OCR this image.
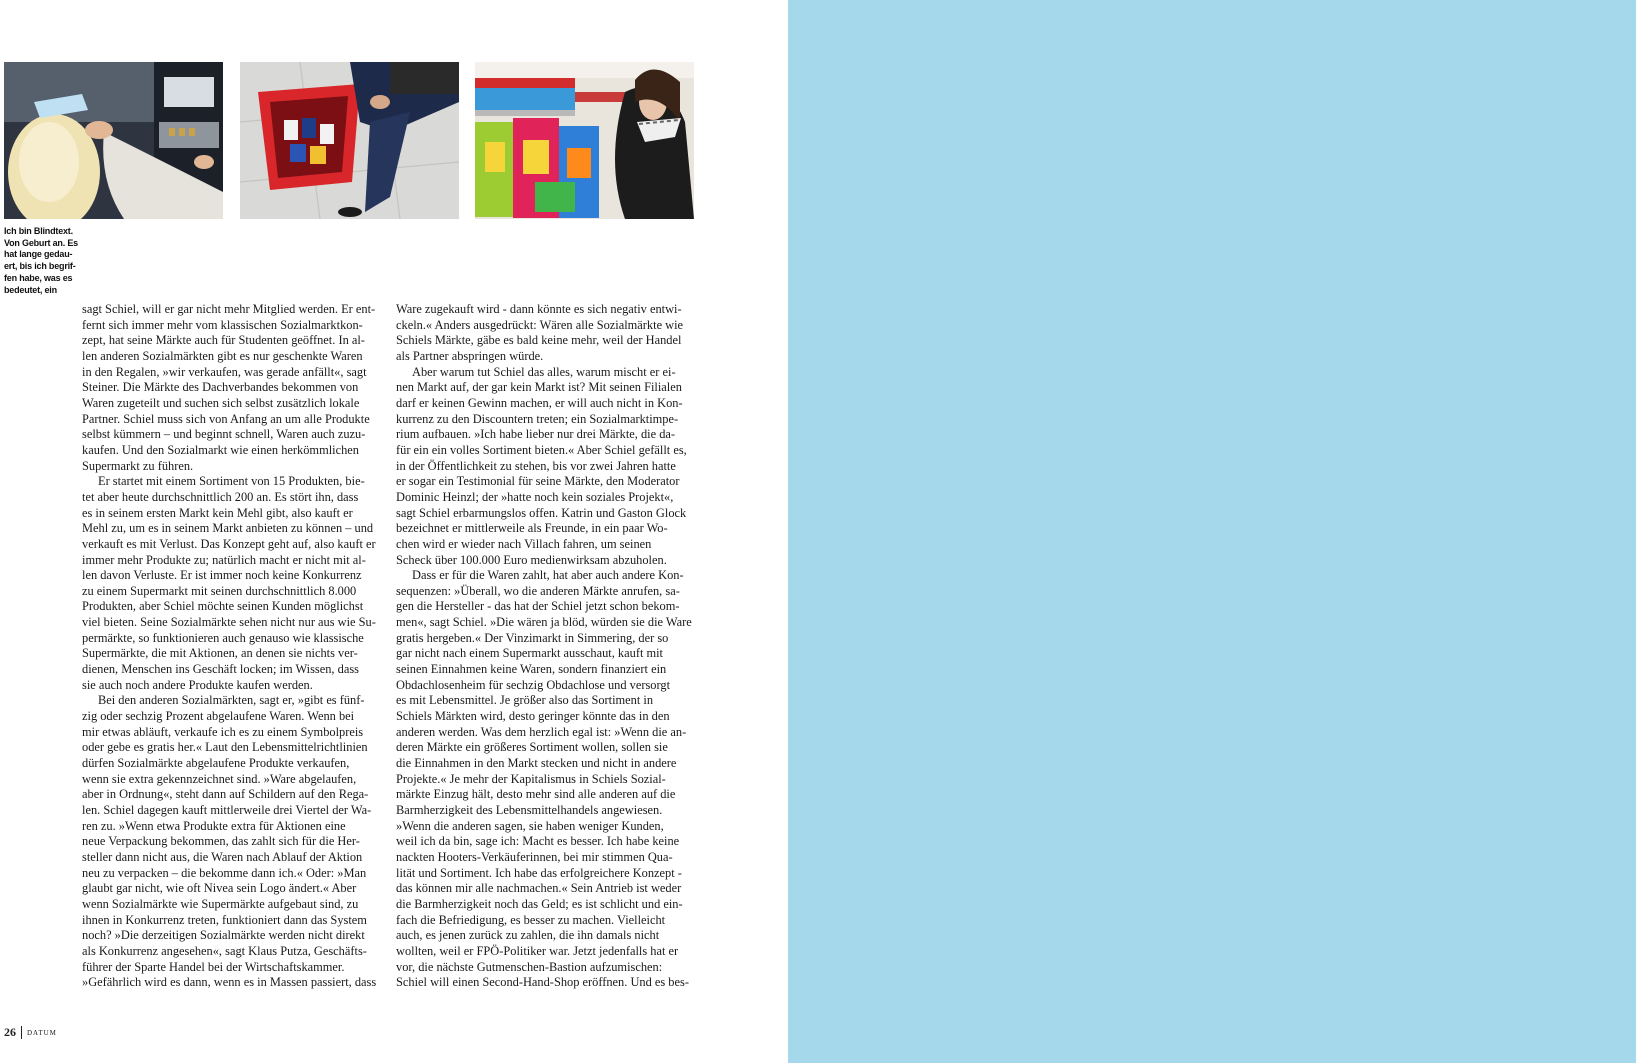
Ich bin Blindtext.
Von Geburt an. Es
hat lange gedau-
ert, bis ich begrif-
fen habe, was es
bedeutet, ein
sagt Schiel, will er gar nicht mehr Mitglied werden. Er ent-
fernt sich immer mehr vom klassischen Sozialmarktkon-
zept, hat seine Märkte auch für Studenten geöffnet. In al-
len anderen Sozialmärkten gibt es nur geschenkte Waren
in den Regalen, »wir verkaufen, was gerade anfällt«, sagt
Steiner. Die Märkte des Dachverbandes bekommen von
Waren zugeteilt und suchen sich selbst zusätzlich lokale
Partner. Schiel muss sich von Anfang an um alle Produkte
selbst kümmern – und beginnt schnell, Waren auch zuzu-
kaufen. Und den Sozialmarkt wie einen herkömmlichen
Supermarkt zu führen.
Er startet mit einem Sortiment von 15 Produkten, bie-
tet aber heute durchschnittlich 200 an. Es stört ihn, dass
es in seinem ersten Markt kein Mehl gibt, also kauft er
Mehl zu, um es in seinem Markt anbieten zu können – und
verkauft es mit Verlust. Das Konzept geht auf, also kauft er
immer mehr Produkte zu; natürlich macht er nicht mit al-
len davon Verluste. Er ist immer noch keine Konkurrenz
zu einem Supermarkt mit seinen durchschnittlich 8.000
Produkten, aber Schiel möchte seinen Kunden möglichst
viel bieten. Seine Sozialmärkte sehen nicht nur aus wie Su-
permärkte, so funktionieren auch genauso wie klassische
Supermärkte, die mit Aktionen, an denen sie nichts ver-
dienen, Menschen ins Geschäft locken; im Wissen, dass
sie auch noch andere Produkte kaufen werden.
Bei den anderen Sozialmärkten, sagt er, »gibt es fünf-
zig oder sechzig Prozent abgelaufene Waren. Wenn bei
mir etwas abläuft, verkaufe ich es zu einem Symbolpreis
oder gebe es gratis her.« Laut den Lebensmittelrichtlinien
dürfen Sozialmärkte abgelaufene Produkte verkaufen,
wenn sie extra gekennzeichnet sind. »Ware abgelaufen,
aber in Ordnung«, steht dann auf Schildern auf den Rega-
len. Schiel dagegen kauft mittlerweile drei Viertel der Wa-
ren zu. »Wenn etwa Produkte extra für Aktionen eine
neue Verpackung bekommen, das zahlt sich für die Her-
steller dann nicht aus, die Waren nach Ablauf der Aktion
neu zu verpacken – die bekomme dann ich.« Oder: »Man
glaubt gar nicht, wie oft Nivea sein Logo ändert.« Aber
wenn Sozialmärkte wie Supermärkte aufgebaut sind, zu
ihnen in Konkurrenz treten, funktioniert dann das System
noch? »Die derzeitigen Sozialmärkte werden nicht direkt
als Konkurrenz angesehen«, sagt Klaus Putza, Geschäfts-
führer der Sparte Handel bei der Wirtschaftskammer.
»Gefährlich wird es dann, wenn es in Massen passiert, dass
Ware zugekauft wird - dann könnte es sich negativ entwi-
ckeln.« Anders ausgedrückt: Wären alle Sozialmärkte wie
Schiels Märkte, gäbe es bald keine mehr, weil der Handel
als Partner abspringen würde.
Aber warum tut Schiel das alles, warum mischt er ei-
nen Markt auf, der gar kein Markt ist? Mit seinen Filialen
darf er keinen Gewinn machen, er will auch nicht in Kon-
kurrenz zu den Discountern treten; ein Sozialmarktimpe-
rium aufbauen. »Ich habe lieber nur drei Märkte, die da-
für ein ein volles Sortiment bieten.« Aber Schiel gefällt es,
in der Öffentlichkeit zu stehen, bis vor zwei Jahren hatte
er sogar ein Testimonial für seine Märkte, den Moderator
Dominic Heinzl; der »hatte noch kein soziales Projekt«,
sagt Schiel erbarmungslos offen. Katrin und Gaston Glock
bezeichnet er mittlerweile als Freunde, in ein paar Wo-
chen wird er wieder nach Villach fahren, um seinen
Scheck über 100.000 Euro medienwirksam abzuholen.
Dass er für die Waren zahlt, hat aber auch andere Kon-
sequenzen: »Überall, wo die anderen Märkte anrufen, sa-
gen die Hersteller - das hat der Schiel jetzt schon bekom-
men«, sagt Schiel. »Die wären ja blöd, würden sie die Ware
gratis hergeben.« Der Vinzimarkt in Simmering, der so
gar nicht nach einem Supermarkt ausschaut, kauft mit
seinen Einnahmen keine Waren, sondern finanziert ein
Obdachlosenheim für sechzig Obdachlose und versorgt
es mit Lebensmittel. Je größer also das Sortiment in
Schiels Märkten wird, desto geringer könnte das in den
anderen werden. Was dem herzlich egal ist: »Wenn die an-
deren Märkte ein größeres Sortiment wollen, sollen sie
die Einnahmen in den Markt stecken und nicht in andere
Projekte.« Je mehr der Kapitalismus in Schiels Sozial-
märkte Einzug hält, desto mehr sind alle anderen auf die
Barmherzigkeit des Lebensmittelhandels angewiesen.
»Wenn die anderen sagen, sie haben weniger Kunden,
weil ich da bin, sage ich: Macht es besser. Ich habe keine
nackten Hooters-Verkäuferinnen, bei mir stimmen Qua-
lität und Sortiment. Ich habe das erfolgreichere Konzept -
das können mir alle nachmachen.« Sein Antrieb ist weder
die Barmherzigkeit noch das Geld; es ist schlicht und ein-
fach die Befriedigung, es besser zu machen. Vielleicht
auch, es jenen zurück zu zahlen, die ihn damals nicht
wollten, weil er FPÖ-Politiker war. Jetzt jedenfalls hat er
vor, die nächste Gutmenschen-Bastion aufzumischen:
Schiel will einen Second-Hand-Shop eröffnen. Und es bes-
26 DATUM
